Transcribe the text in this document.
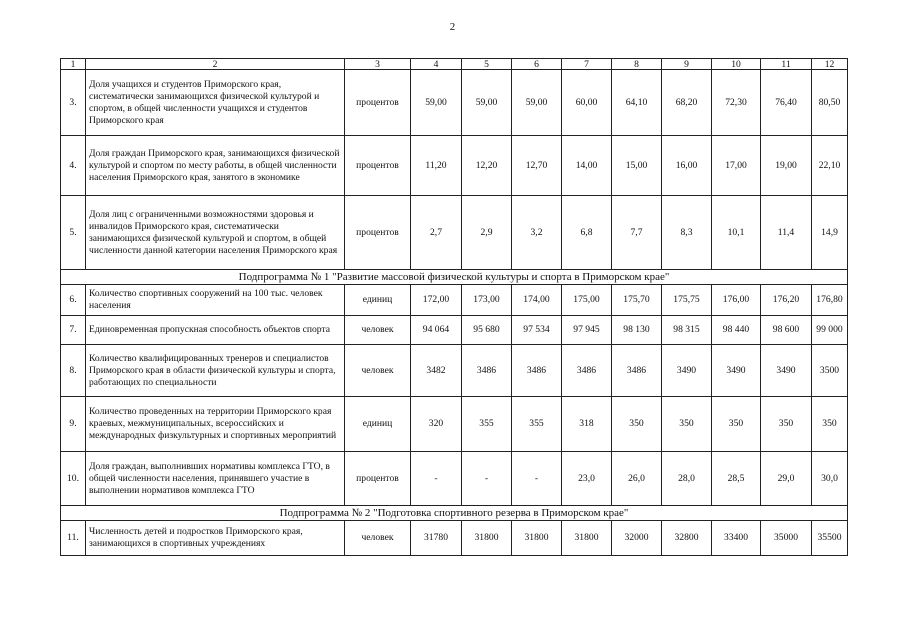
2
1	2	3	4	5	6	7	8	9	10	11	12
3.	Доля учащихся и студентов Приморского края, систематически занимающихся физической культурой и спортом, в общей численности учащихся и студентов Приморского края	процентов	59,00	59,00	59,00	60,00	64,10	68,20	72,30	76,40	80,50
4.	Доля граждан Приморского края, занимающихся физической культурой и спортом по месту работы, в общей численности населения Приморского края, занятого в экономике	процентов	11,20	12,20	12,70	14,00	15,00	16,00	17,00	19,00	22,10
5.	Доля лиц с ограниченными возможностями здоровья и инвалидов Приморского края, систематически занимающихся физической культурой и спортом, в общей численности данной категории населения Приморского края	процентов	2,7	2,9	3,2	6,8	7,7	8,3	10,1	11,4	14,9
Подпрограмма № 1 "Развитие массовой физической культуры и спорта в Приморском крае"											
6.	Количество спортивных сооружений на 100 тыс. человек населения	единиц	172,00	173,00	174,00	175,00	175,70	175,75	176,00	176,20	176,80
7.	Единовременная пропускная способность объектов спорта	человек	94 064	95 680	97 534	97 945	98 130	98 315	98 440	98 600	99 000
8.	Количество квалифицированных тренеров и специалистов Приморского края в области физической культуры и спорта, работающих по специальности	человек	3482	3486	3486	3486	3486	3490	3490	3490	3500
9.	Количество проведенных на территории Приморского края краевых, межмуниципальных, всероссийских и международных физкультурных и спортивных мероприятий	единиц	320	355	355	318	350	350	350	350	350
10.	Доля граждан, выполнивших нормативы комплекса ГТО, в общей численности населения, принявшего участие в выполнении нормативов комплекса ГТО	процентов	-	-	-	23,0	26,0	28,0	28,5	29,0	30,0
Подпрограмма № 2 "Подготовка спортивного резерва в Приморском крае"											
11.	Численность детей и подростков Приморского края, занимающихся в спортивных учреждениях	человек	31780	31800	31800	31800	32000	32800	33400	35000	35500
